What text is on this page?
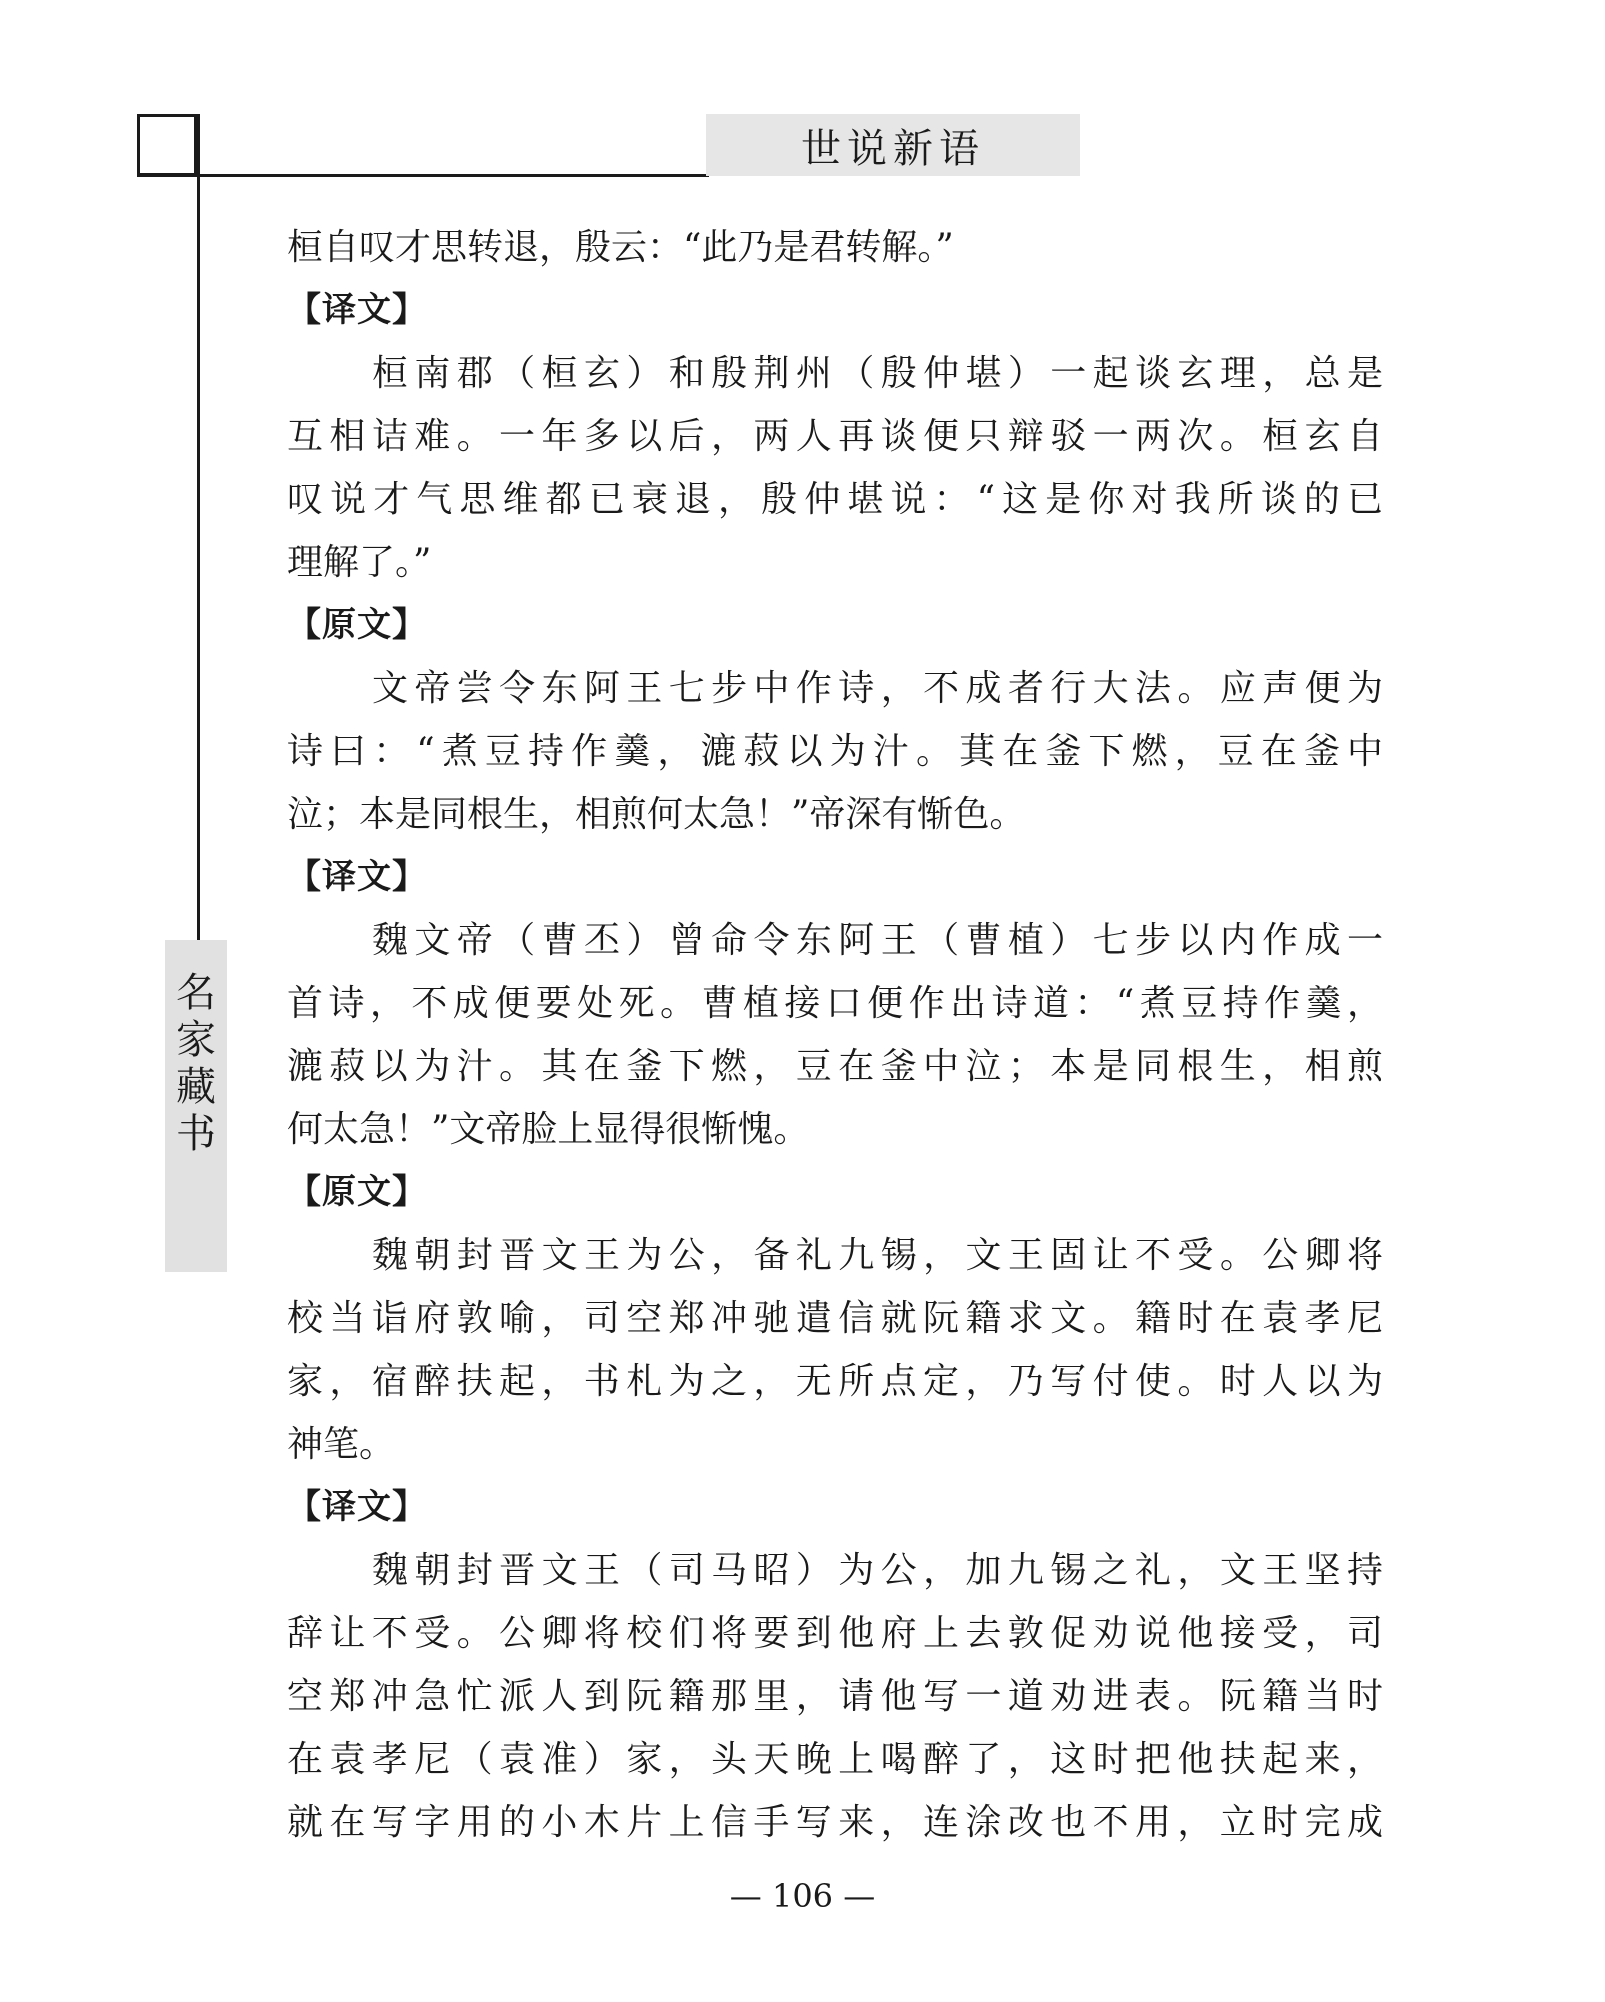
世说新语
名
家
藏
书
桓自叹才思转退，殷云：“此乃是君转解。”
【译文】
桓南郡（桓玄）和殷荆州（殷仲堪）一起谈玄理，总是
互相诘难。一年多以后，两人再谈便只辩驳一两次。桓玄自
叹说才气思维都已衰退，殷仲堪说：“这是你对我所谈的已
理解了。”
【原文】
文帝尝令东阿王七步中作诗，不成者行大法。应声便为
诗曰：“煮豆持作羹，漉菽以为汁。萁在釜下燃，豆在釜中
泣；本是同根生，相煎何太急！”帝深有惭色。
【译文】
魏文帝（曹丕）曾命令东阿王（曹植）七步以内作成一
首诗，不成便要处死。曹植接口便作出诗道：“煮豆持作羹，
漉菽以为汁。其在釜下燃，豆在釜中泣；本是同根生，相煎
何太急！”文帝脸上显得很惭愧。
【原文】
魏朝封晋文王为公，备礼九锡，文王固让不受。公卿将
校当诣府敦喻，司空郑冲驰遣信就阮籍求文。籍时在袁孝尼
家，宿醉扶起，书札为之，无所点定，乃写付使。时人以为
神笔。
【译文】
魏朝封晋文王（司马昭）为公，加九锡之礼，文王坚持
辞让不受。公卿将校们将要到他府上去敦促劝说他接受，司
空郑冲急忙派人到阮籍那里，请他写一道劝进表。阮籍当时
在袁孝尼（袁准）家，头天晚上喝醉了，这时把他扶起来，
就在写字用的小木片上信手写来，连涂改也不用，立时完成
— 106 —
